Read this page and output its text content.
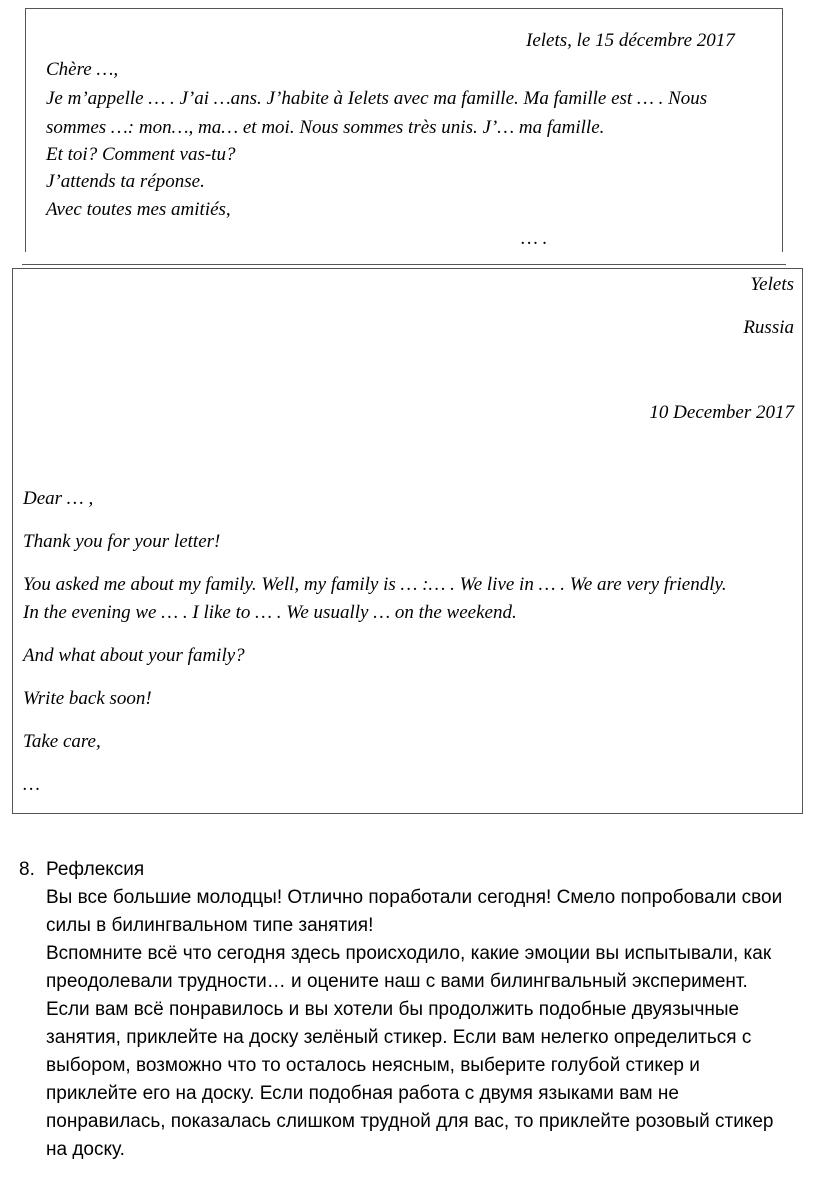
Ielets, le 15 décembre 2017
Chère …,
Je m’appelle … . J’ai …ans. J’habite à Ielets avec ma famille. Ma famille est … . Nous
sommes …: mon…, ma… et moi. Nous sommes très unis. J’… ma famille.
Et toi? Comment vas-tu?
J’attends ta réponse.
Avec toutes mes amitiés,
… .
Yelets
Russia
10 December 2017
Dear … ,
Thank you for your letter!
You asked me about my family. Well, my family is … :… . We live in … . We are very friendly.
In the evening we … . I like to … . We usually … on the weekend.
And what about your family?
Write back soon!
Take care,
…
8. Рефлексия
Вы все большие молодцы! Отлично поработали сегодня! Смело попробовали свои
силы в билингвальном типе занятия!
Вспомните всё что сегодня здесь происходило, какие эмоции вы испытывали, как
преодолевали трудности… и оцените наш с вами билингвальный эксперимент.
Если вам всё понравилось и вы хотели бы продолжить подобные двуязычные
занятия, приклейте на доску зелёный стикер. Если вам нелегко определиться с
выбором, возможно что то осталось неясным, выберите голубой стикер и
приклейте его на доску. Если подобная работа с двумя языками вам не
понравилась, показалась слишком трудной для вас, то приклейте розовый стикер
на доску.
